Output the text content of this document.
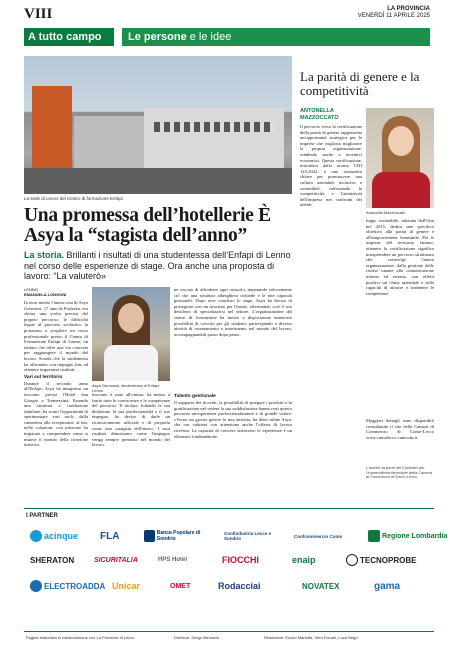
VIII	LA PROVINCIA
VENERDÌ 11 APRILE 2025
A tutto campo	Le persone e le idee
La sede di Lenno del Centro di formazione Enfapi
Una promessa dell’hotellerie È Asya la “stagista dell’anno”

La storia. Brillanti i risultati di una studentessa dell’Enfapi di Lenno nel corso delle esperienze di stage. Ora anche una proposta di lavoro: “La valuterò»

LENNO
EMANUELA LONGONI
In terra medio l'intera rosa di Asya Genovesi, 17 anni di Porlezza, era chiara una scelta precisa del proprio percorso: le difficoltà legate al percorso scolastico la portarono a scegliere un corso professionale presso il Centro di Formazione Enfapi di Lenno, un istituto che offre una via concreta per raggiungere il mondo del lavoro. Scuola che la studentessa ha affrontato con impegno fino ad ottenere importanti risultati.
Vari sul territorio
Durante il secondo anno all'Enfapi, Asya ha intrapreso un tirocinio presso l'Hotel San Giorgio a Tremezzina. Essendo una struttura a conduzione familiare, ha avuto l'opportunità di sperimentare vari ruoli, dalla cameriera alla receptionist, al bar, nelle colazioni: con passione ha imparato a comprendere come si muove il mondo della ricezione turistica.
Asya Genovesi, studentessa di Enfapi Lenno
tirocinio è stato all'ottimo: ha messo a frutto tutte le conoscenze e le competenze del percorso. Il titolare, lodando la sua dedizione, la sua professionalità e il suo impegno, ha deciso di darle un riconoscimento ufficiale e di proporla come una «stagista dell'anno». I suoi risultati dimostrano come l'impegno venga sempre premiato nel mondo del lavoro.
ne cercato di affrontare ogni ostacolo, imparando velocemente ciò che una struttura alberghiera richiede e le mie capacità gestionali. Dopo aver concluso lo stage, Asya ha deciso di proseguire con un tirocinio per l'estate, affermando così il suo desiderio di specializzarsi nel settore. L'organizzazione del centro di formazione ha messo a disposizione numerose possibilità di crescita per gli studenti, partecipando a diverse attività di orientamento e inserimento nel mondo del lavoro, accompagnandoli passo dopo passo.
Talento gestionale
Il supporto dei docenti, la possibilità di spiegare i prodotti e la gratificazione nel vedere la sua soddisfazione hanno reso questo percorso un'esperienza professionalizzante e di grande valore: «Vorrei un giorno gestire la mia attività» ha detto infine Asya, che ora valuterà con attenzione anche l'offerta di lavoro ricevuta. La capacità di crescere attraverso le esperienze è un elemento fondamentale.
La parità di genere e la competitività
ANTONELLA MAZZOCCATO
Il percorso verso la certificazione della parità di genere rappresenta un'opportunità strategica per le imprese che vogliono migliorare la propria organizzazione, rendendo anche a incentivi economici. Questa certificazione, introdotta dalla norma UNI 125:2022, è uno strumento chiave per promuovere una cultura aziendale inclusiva e sostenibile, rafforzando la competitività e l'attrattività dell'impresa nei confronti dei talenti.
Antonella Mazzoccato
luppo sostenibile, adottata dall'Onu nel 2015, dedica uno specifico obiettivo alla parità di genere e all'empowerment femminile. Per le imprese del territorio lariano, ottenere la certificazione significa intraprendere un percorso strutturato che coinvolge l'intera organizzazione, dalla gestione delle risorse umane alla comunicazione interna ed esterna, con effetti positivi sul clima aziendale e sulla capacità di attrarre e trattenere le competenze.
Maggiori dettagli sono disponibili consultando il sito della Camera di Commercio di Como-Lecco www.comolecco.camcom.it.
L'autrice fa parte del Comitato per l'imprenditoria femminile della Camera di Commercio di Como-Lecco
I PARTNER
acinque FLA	Banca Popolare di Sondrio
Confindustria Lecco e Sondrio	Confcommercio Como	Regione Lombardia
SHERATON	SICURITALIA	HPS Hotel	FIOCCHI	enaip	TECNOPROBE
ELECTROADDA Unicar	OMET	Rodacciai	NOVATEX	gama
Pagina realizzata in collaborazione con La Provincia di Lecco	Direttore: Diego Minonzio	Redazione: Enrico Marletta, Vera Fiorani, Luca Negri
